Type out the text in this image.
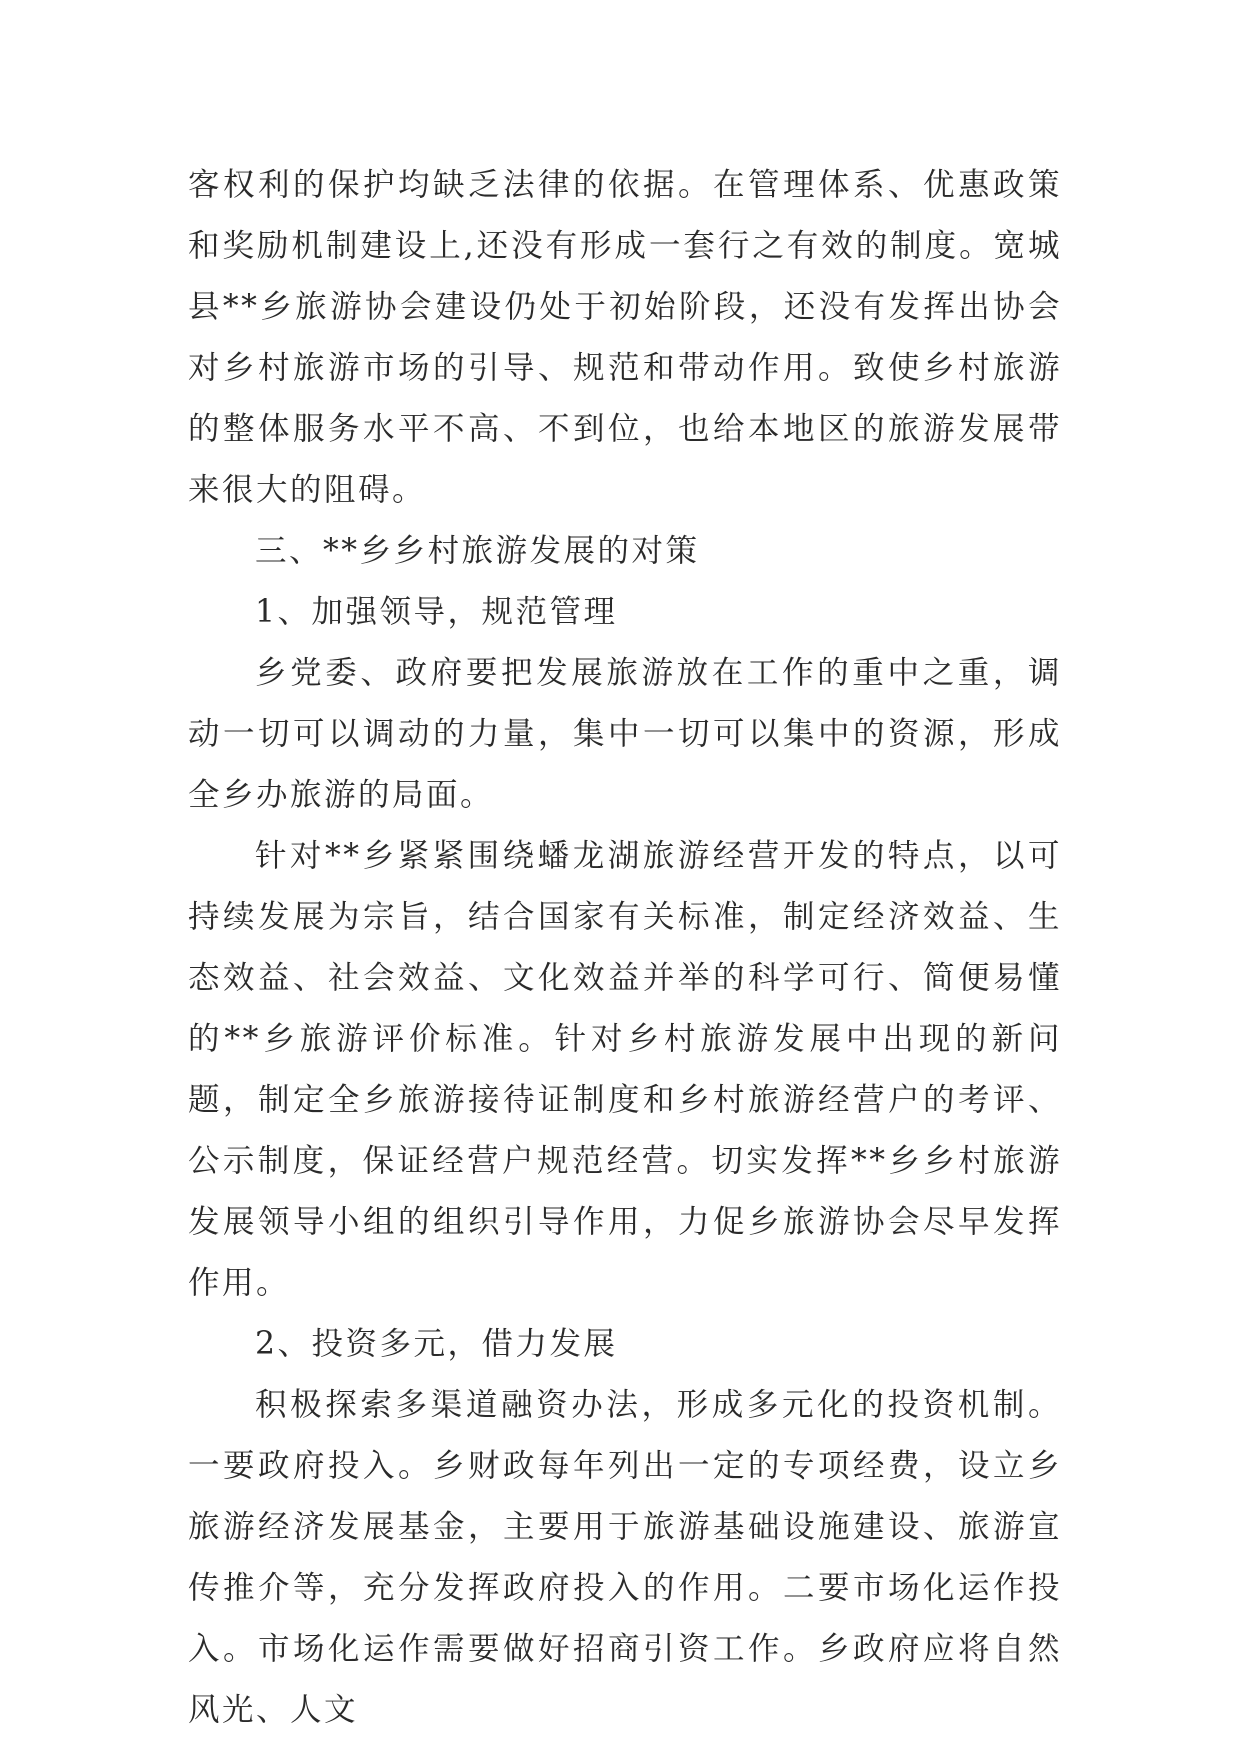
客权利的保护均缺乏法律的依据。在管理体系、优惠政策和奖励机制建设上,还没有形成一套行之有效的制度。宽城县**乡旅游协会建设仍处于初始阶段，还没有发挥出协会对乡村旅游市场的引导、规范和带动作用。致使乡村旅游的整体服务水平不高、不到位，也给本地区的旅游发展带来很大的阻碍。

三、**乡乡村旅游发展的对策

1、加强领导，规范管理

乡党委、政府要把发展旅游放在工作的重中之重，调动一切可以调动的力量，集中一切可以集中的资源，形成全乡办旅游的局面。

针对**乡紧紧围绕蟠龙湖旅游经营开发的特点，以可持续发展为宗旨，结合国家有关标准，制定经济效益、生态效益、社会效益、文化效益并举的科学可行、简便易懂的**乡旅游评价标准。针对乡村旅游发展中出现的新问题，制定全乡旅游接待证制度和乡村旅游经营户的考评、公示制度，保证经营户规范经营。切实发挥**乡乡村旅游发展领导小组的组织引导作用，力促乡旅游协会尽早发挥作用。

2、投资多元，借力发展

积极探索多渠道融资办法，形成多元化的投资机制。一要政府投入。乡财政每年列出一定的专项经费，设立乡旅游经济发展基金，主要用于旅游基础设施建设、旅游宣传推介等，充分发挥政府投入的作用。二要市场化运作投入。市场化运作需要做好招商引资工作。乡政府应将自然风光、人文
